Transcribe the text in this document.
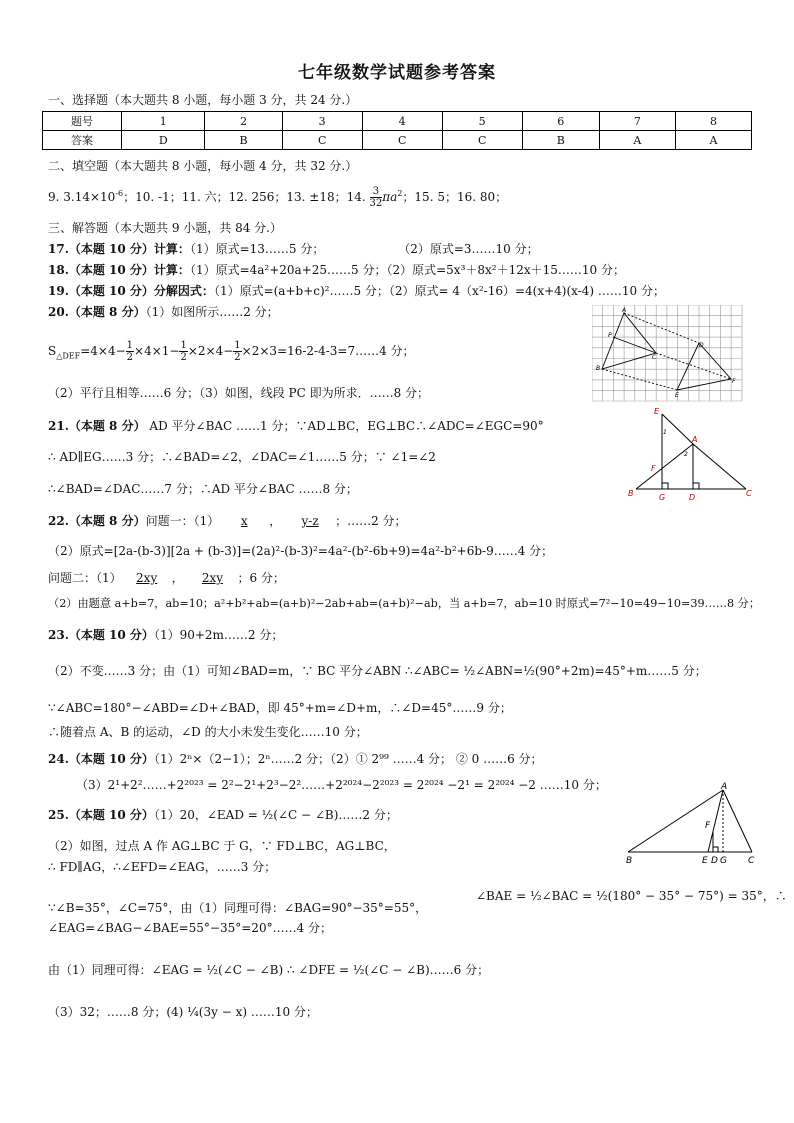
七年级数学试题参考答案
一、选择题（本大题共 8 小题，每小题 3 分，共 24 分.）
题号	1	2	3	4	5	6	7	8
答案	D	B	C	C	C	B	A	A
二、填空题（本大题共 8 小题，每小题 4 分，共 32 分.）
9. $3.14\times 10^{-6}$；10. -1；11. 六；12. 256；13. ±18；14. $\frac{3}{32} \pi a^2$；15. 5；16. 80；
三、解答题（本大题共 9 小题，共 84 分.）
17.（本题 10 分）计算：（1）原式=13……5 分；	（2）原式=3……10 分；
18.（本题 10 分）计算：（1）原式=4a²+20a+25……5 分；（2）原式=5x³＋8x²＋12x＋15……10 分；
19.（本题 10 分）分解因式：（1）原式=(a+b+c)²……5 分；（2）原式= 4（x²-16）=4(x+4)(x-4) ……10 分；
20.（本题 8 分）（1）如图所示……2 分；
$S_{\triangle DEF}=4\times 4- \frac{1}{2} \times 4\times 1- \frac{1}{2} \times 2\times 4- \frac{1}{2}$ ×2×3=16-2-4-3=7……4 分；
（2）平行且相等……6 分；（3）如图，线段 PC 即为所求．……8 分；
21.（本题 8 分） AD 平分∠BAC ……1 分；∵AD⊥BC，EG⊥BC∴∠ADC=∠EGC=90°
∴ AD∥EG……3 分；∴∠BAD=∠2，∠DAC=∠1……5 分；∵ ∠1=∠2
∴∠BAD=∠DAC……7 分；∴AD 平分∠BAC ……8 分；
22.（本题 8 分）问题一：（1） x ， y-z ；……2 分；
（2）原式=[2a-(b-3)][2a + (b-3)]=(2a)²-(b-3)²=4a²-(b²-6b+9)=4a²-b²+6b-9……4 分；
问题二：（1） 2xy ， 2xy ；6 分；
（2）由题意 a+b=7，ab=10；a²+b²+ab=(a+b)²−2ab+ab=(a+b)²−ab，当 a+b=7，ab=10 时原式=7²−10=49−10=39……8 分；
23.（本题 10 分）（1）90+2m……2 分；
（2）不变……3 分；由（1）可知∠BAD=m，∵ BC 平分∠ABN ∴∠ABC= ½∠ABN=½(90°+2m)=45°+m……5 分；
∵∠ABC=180°−∠ABD=∠D+∠BAD，即 45°+m=∠D+m，∴∠D=45°……9 分；
∴随着点 A、B 的运动，∠D 的大小未发生变化……10 分；
24.（本题 10 分）（1）2ⁿ×（2−1）；2ⁿ……2 分；（2）① 2⁹⁹ ……4 分； ② 0 ……6 分；
（3）2¹+2²……+2²⁰²³ = 2²−2¹+2³−2²……+2²⁰²⁴−2²⁰²³ = 2²⁰²⁴ −2¹ = 2²⁰²⁴ −2 ……10 分；
25.（本题 10 分）（1）20，∠EAD = ½(∠C − ∠B)……2 分；
（2）如图，过点 A 作 AG⊥BC 于 G，∵ FD⊥BC，AG⊥BC，
∴ FD∥AG，∴∠EFD=∠EAG，……3 分；
∵∠B=35°，∠C=75°，由（1）同理可得：∠BAG=90°−35°=55°，
∠BAE = ½∠BAC = ½(180° − 35° − 75°) = 35°，∴
∠EAG=∠BAG−∠BAE=55°−35°=20°……4 分；
由（1）同理可得：∠EAG = ½(∠C − ∠B) ∴ ∠DFE = ½(∠C − ∠B)……6 分；
（3）32；……8 分；(4) ¼(3y − x) ……10 分；
A
P
B
C
D
E
F
E
A
1
2
F
B	G	D	C
A
F
B	E D G C
